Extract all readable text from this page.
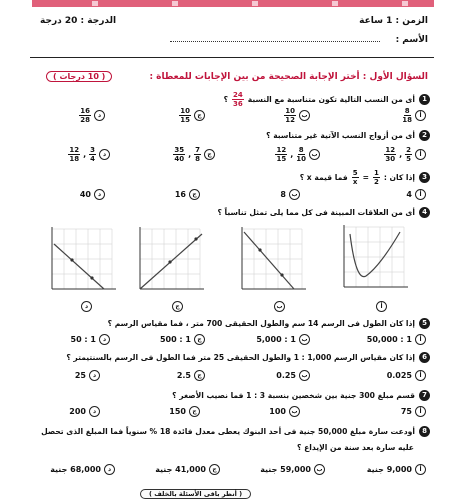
الزمن : 1 ساعة
الدرجة : 20 درجة
الأسم :
السؤال الأول : أختر الإجابة الصحيحة من بين الإجابات للمعطاة :
( 10 درجات )
1
أى من النسب التالية تكون متناسبة مع النسبة
$\frac{24}{36}$
؟
أ
$\frac{8}{18}$
ب
$\frac{10}{12}$
ج
$\frac{10}{15}$
د
$\frac{16}{28}$
2
أى من أزواج النسب الآتية غير متناسبة ؟
أ
$\frac{2}{5}$
,
$\frac{12}{30}$
ب
$\frac{8}{10}$
,
$\frac{12}{15}$
ج
$\frac{7}{8}$
,
$\frac{35}{40}$
د
$\frac{3}{4}$
,
$\frac{12}{18}$
3
إذا كان :
$\frac{1}{2}$
=
$\frac{5}{x}$
فما قيمة x ؟
أ
4
ب
8
ج
16
د
40
4
أى من العلاقات المبينة فى كل مما يلى تمثل تناسباً ؟
د	ج	ب	أ
5
إذا كان الطول فى الرسم 14 سم والطول الحقيقى 700 متر ، فما مقياس الرسم ؟
أ
1 : 50,000
ب
1 : 5,000
ج
1 : 500
د
1 : 50
6
إذا كان مقياس الرسم 1,000 : 1 والطول الحقيقى 25 متر فما الطول فى الرسم بالسنتيمتر ؟
أ
0.025
ب
0.25
ج
2.5
د
25
7
قسم مبلغ 300 جنية بين شخصين بنسبة 3 : 1 فما نصيب الأصغر ؟
أ
75
ب
100
ج
150
د
200
8
أودعت سارة مبلغ 50,000 جنية فى أحد البنوك يعطى معدل فائدة 18 % سنوياً فما المبلغ الذى تحصل
عليه سارة بعد سنة من الإيداع ؟
أ
9,000 جنية
ب
59,000 جنية
ج
41,000 جنية
د
68,000 جنية
( أنظر باقى الأسئلة بالخلف )
